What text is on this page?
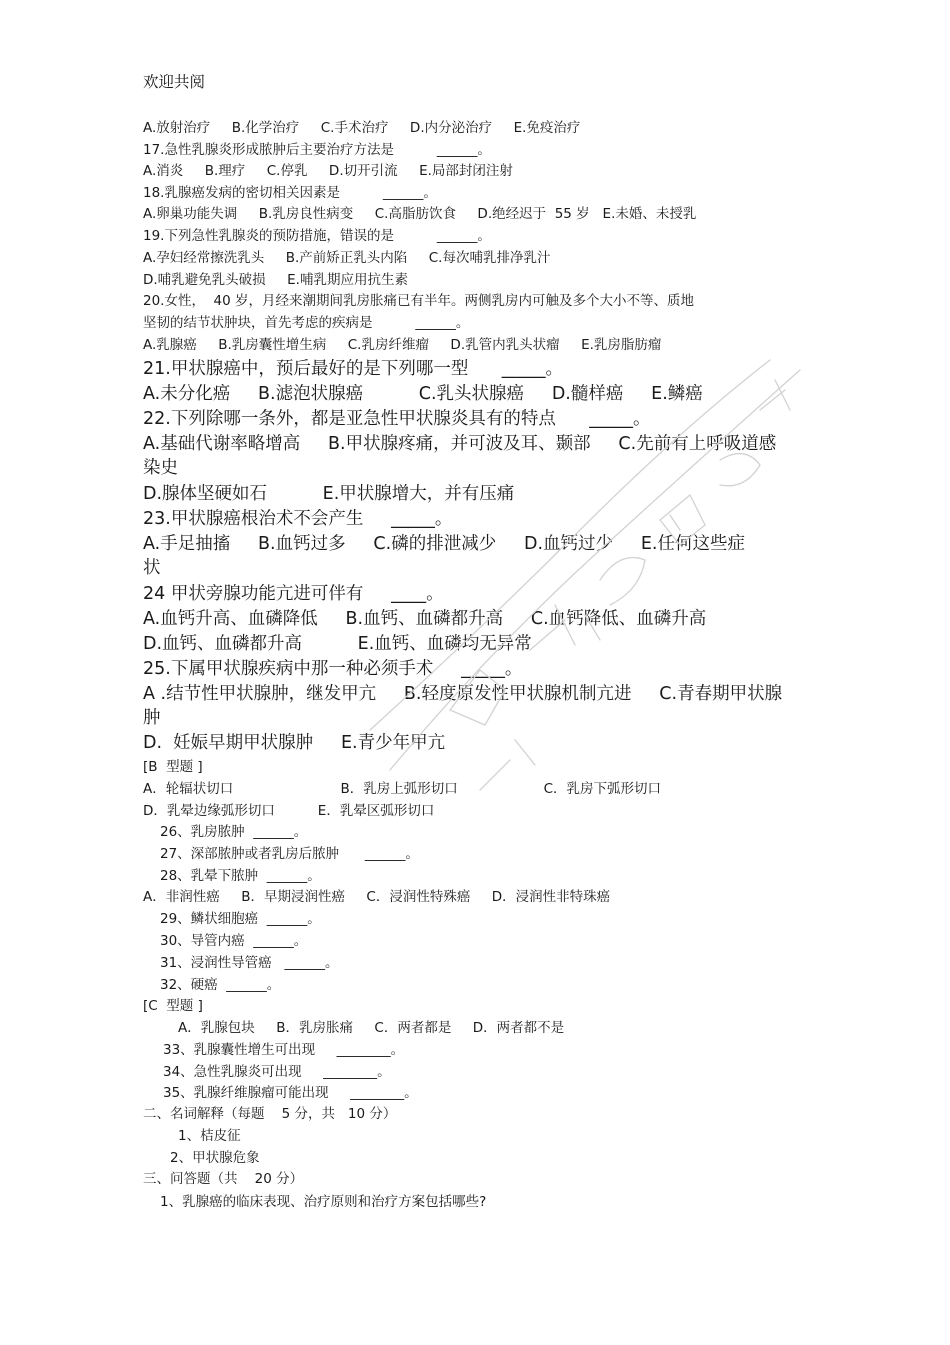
欢迎共阅
A.放射治疗     B.化学治疗     C.手术治疗     D.内分泌治疗     E.免疫治疗
17.急性乳腺炎形成脓肿后主要治疗方法是          ______。
A.消炎     B.理疗     C.停乳     D.切开引流     E.局部封闭注射
18.乳腺癌发病的密切相关因素是          ______。
A.卵巢功能失调     B.乳房良性病变     C.高脂肪饮食     D.绝经迟于  55 岁   E.未婚、未授乳
19.下列急性乳腺炎的预防措施，错误的是          ______。
A.孕妇经常擦洗乳头     B.产前矫正乳头内陷     C.每次哺乳排净乳汁
D.哺乳避免乳头破损     E.哺乳期应用抗生素
20.女性，  40 岁，月经来潮期间乳房胀痛已有半年。两侧乳房内可触及多个大小不等、质地
坚韧的结节状肿块，首先考虑的疾病是          ______。
A.乳腺癌     B.乳房囊性增生病     C.乳房纤维瘤     D.乳管内乳头状瘤     E.乳房脂肪瘤
21.甲状腺癌中，预后最好的是下列哪一型      _____。
A.未分化癌     B.滤泡状腺癌          C.乳头状腺癌     D.髓样癌     E.鳞癌
22.下列除哪一条外，都是亚急性甲状腺炎具有的特点      _____。
A.基础代谢率略增高     B.甲状腺疼痛，并可波及耳、颞部     C.先前有上呼吸道感
染史
D.腺体坚硬如石          E.甲状腺增大，并有压痛
23.甲状腺癌根治术不会产生     _____。
A.手足抽搐     B.血钙过多     C.磷的排泄减少     D.血钙过少     E.任何这些症
状
24 甲状旁腺功能亢进可伴有     ____。
A.血钙升高、血磷降低     B.血钙、血磷都升高     C.血钙降低、血磷升高
D.血钙、血磷都升高          E.血钙、血磷均无异常
25.下属甲状腺疾病中那一种必须手术     _____。
A .结节性甲状腺肿，继发甲亢     B.轻度原发性甲状腺机制亢进     C.青春期甲状腺
肿
D.  妊娠早期甲状腺肿     E.青少年甲亢
[B  型题 ]
A．轮辐状切口                         B．乳房上弧形切口                    C．乳房下弧形切口
D．乳晕边缘弧形切口          E．乳晕区弧形切口
26、乳房脓肿  ______。
27、深部脓肿或者乳房后脓肿      ______。
28、乳晕下脓肿  ______。
A．非润性癌     B．早期浸润性癌     C．浸润性特殊癌     D．浸润性非特珠癌
29、鳞状细胞癌  ______。
30、导管内癌  ______。
31、浸润性导管癌   ______。
32、硬癌  ______。
[C  型题 ]
A．乳腺包块     B．乳房胀痛     C．两者都是     D．两者都不是
33、乳腺囊性增生可出现     ________。
34、急性乳腺炎可出现     ________。
35、乳腺纤维腺瘤可能出现     ________。
二、名词解释（每题    5 分，共   10 分）
1、桔皮征
2、甲状腺危象
三、问答题（共    20 分）
1、乳腺癌的临床表现、治疗原则和治疗方案包括哪些?
